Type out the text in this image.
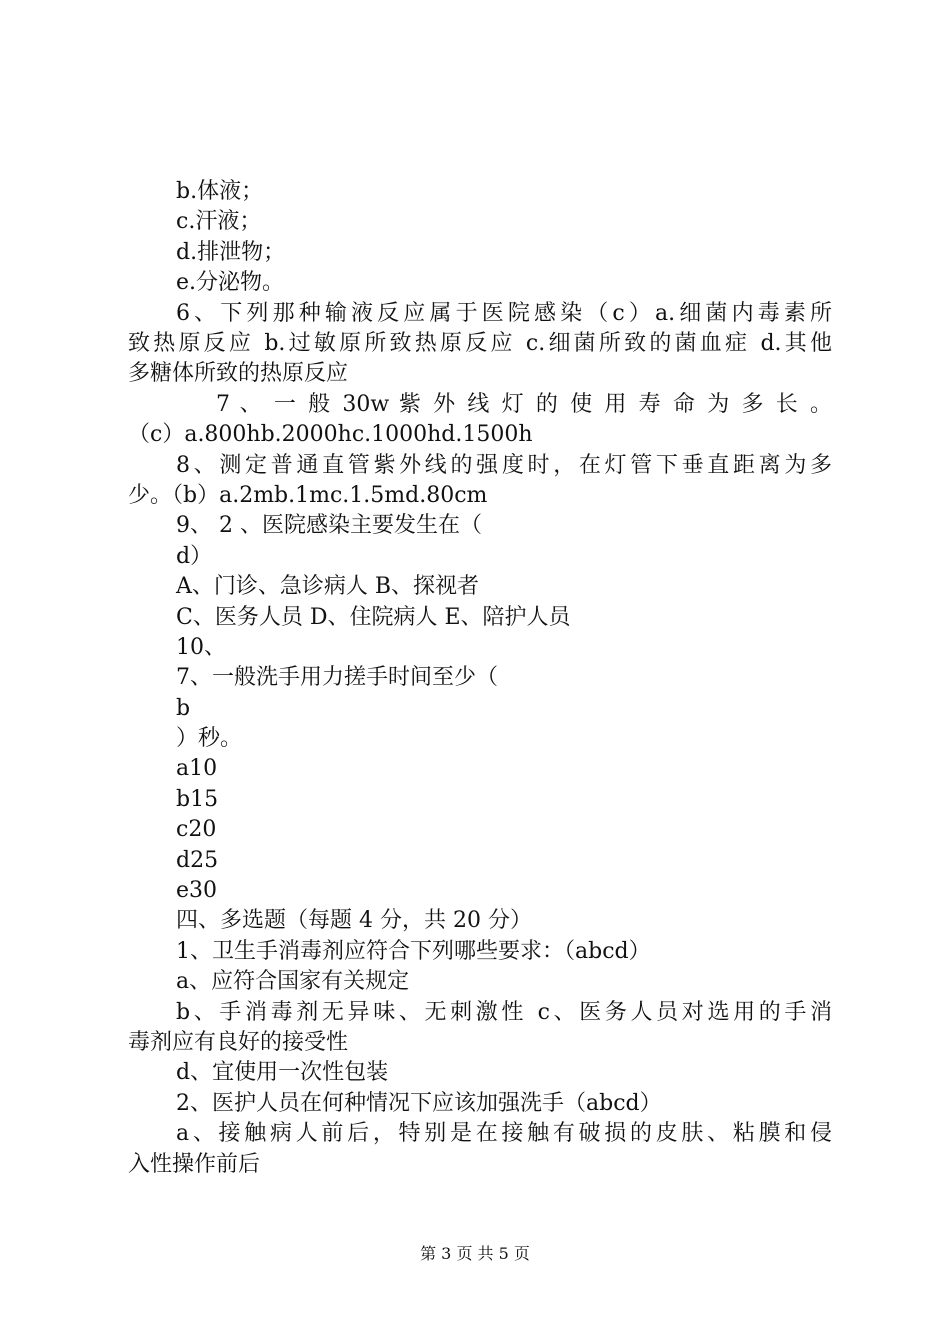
b.体液；
c.汗液；
d.排泄物；
e.分泌物。
6、下列那种输液反应属于医院感染（c）a.细菌内毒素所
致热原反应 b.过敏原所致热原反应 c.细菌所致的菌血症 d.其他
多糖体所致的热原反应
7 、 一 般 30w 紫 外 线 灯 的 使 用 寿 命 为 多 长 。
（c）a.800hb.2000hc.1000hd.1500h
8、测定普通直管紫外线的强度时，在灯管下垂直距离为多
少。（b）a.2mb.1mc.1.5md.80cm
9、 2 、医院感染主要发生在（
d）
A、门诊、急诊病人 B、探视者
C、医务人员 D、住院病人 E、陪护人员
10、
7、一般洗手用力搓手时间至少（
b
）秒。
a10
b15
c20
d25
e30
四、多选题（每题 4 分，共 20 分）
1、卫生手消毒剂应符合下列哪些要求：（abcd）
a、应符合国家有关规定
b、手消毒剂无异味、无刺激性 c、医务人员对选用的手消
毒剂应有良好的接受性
d、宜使用一次性包装
2、医护人员在何种情况下应该加强洗手（abcd）
a、接触病人前后，特别是在接触有破损的皮肤、粘膜和侵
入性操作前后
第 3 页 共 5 页
